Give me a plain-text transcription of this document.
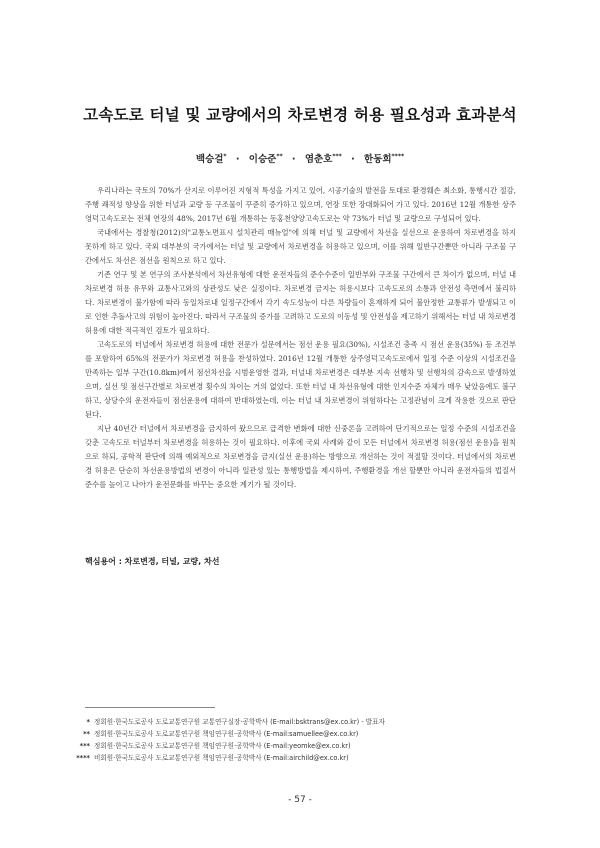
고속도로 터널 및 교량에서의 차로변경 허용 필요성과 효과분석
백승걸* · 이승준** · 염춘호*** · 한동희****

우리나라는 국토의 70%가 산지로 이루어진 지형적 특성을 가지고 있어, 시공기술의 발전을 토대로 환경훼손 최소화, 통행시간 절감, 주행 쾌적성 향상을 위한 터널과 교량 등 구조물이 꾸준히 증가하고 있으며, 연장 또한 장대화되어 가고 있다. 2016년 12월 개통한 상주영덕고속도로는 전체 연장의 48%, 2017년 6월 개통하는 동홍천양양고속도로는 약 73%가 터널 및 교량으로 구성되어 있다.

국내에서는 경찰청(2012)의"교통노면표시 설치관리 매뉴얼"에 의해 터널 및 교량에서 차선을 실선으로 운용하여 차로변경을 하지 못하게 하고 있다. 국외 대부분의 국가에서는 터널 및 교량에서 차로변경을 허용하고 있으며, 이를 위해 일반구간뿐만 아니라 구조물 구간에서도 차선은 점선을 원칙으로 하고 있다.

기존 연구 및 본 연구의 조사분석에서 차선유형에 대한 운전자들의 준수수준이 일반부와 구조물 구간에서 큰 차이가 없으며, 터널 내 차로변경 허용 유무와 교통사고와의 상관성도 낮은 실정이다. 차로변경 금지는 허용시보다 고속도로의 소통과 안전성 측면에서 불리하다. 차로변경이 불가함에 따라 동일차로내 일정구간에서 각기 속도성능이 다른 차량들이 혼재하게 되어 불안정한 교통류가 발생되고 이로 인한 추돌사고의 위험이 높아진다. 따라서 구조물의 증가를 고려하고 도로의 이동성 및 안전성을 제고하기 위해서는 터널 내 차로변경 허용에 대한 적극적인 검토가 필요하다.

고속도로의 터널에서 차로변경 허용에 대한 전문가 설문에서는 점선 운용 필요(30%), 시설조건 충족 시 점선 운용(35%) 등 조건부를 포함하여 65%의 전문가가 차로변경 허용을 찬성하였다. 2016년 12월 개통한 상주영덕고속도로에서 일정 수준 이상의 시설조건을 만족하는 일부 구간(10.8km)에서 점선차선을 시범운영한 결과, 터널내 차로변경은 대부분 지속 선행차 및 선행차의 감속으로 발생하였으며, 실선 및 점선구간별로 차로변경 횟수의 차이는 거의 없었다. 또한 터널 내 차선유형에 대한 인지수준 자체가 매우 낮았음에도 불구하고, 상당수의 운전자들이 점선운용에 대하여 반대하였는데, 이는 터널 내 차로변경이 위험하다는 고정관념이 크게 작용한 것으로 판단된다.

지난 40년간 터널에서 차로변경을 금지하여 왔으므로 급격한 변화에 대한 신중론을 고려하여 단기적으로는 일정 수준의 시설조건을 갖춘 고속도로 터널부터 차로변경을 허용하는 것이 필요하다. 이후에 국외 사례와 같이 모든 터널에서 차로변경 허용(점선 운용)을 원칙으로 하되, 공학적 판단에 의해 예외적으로 차로변경을 금지(실선 운용)하는 방향으로 개선하는 것이 적절할 것이다. 터널에서의 차로변경 허용은 단순히 차선운용방법의 변경이 아니라 일관성 있는 통행방법을 제시하여, 주행환경을 개선 할뿐만 아니라 운전자들의 법질서 준수를 높이고 나아가 운전문화를 바꾸는 중요한 계기가 될 것이다.

핵심용어 : 차로변경, 터널, 교량, 차선
* 정회원·한국도로공사 도로교통연구원 교통연구실장·공학박사 (E-mail:bsktrans@ex.co.kr) - 발표자
** 정회원·한국도로공사 도로교통연구원 책임연구원·공학박사 (E-mail:samuellee@ex.co.kr)
*** 정회원·한국도로공사 도로교통연구원 책임연구원·공학박사 (E-mail:yeomke@ex.co.kr)
**** 비회원·한국도로공사 도로교통연구원 책임연구원·공학박사 (E-mail:airchild@ex.co.kr)
- 57 -
